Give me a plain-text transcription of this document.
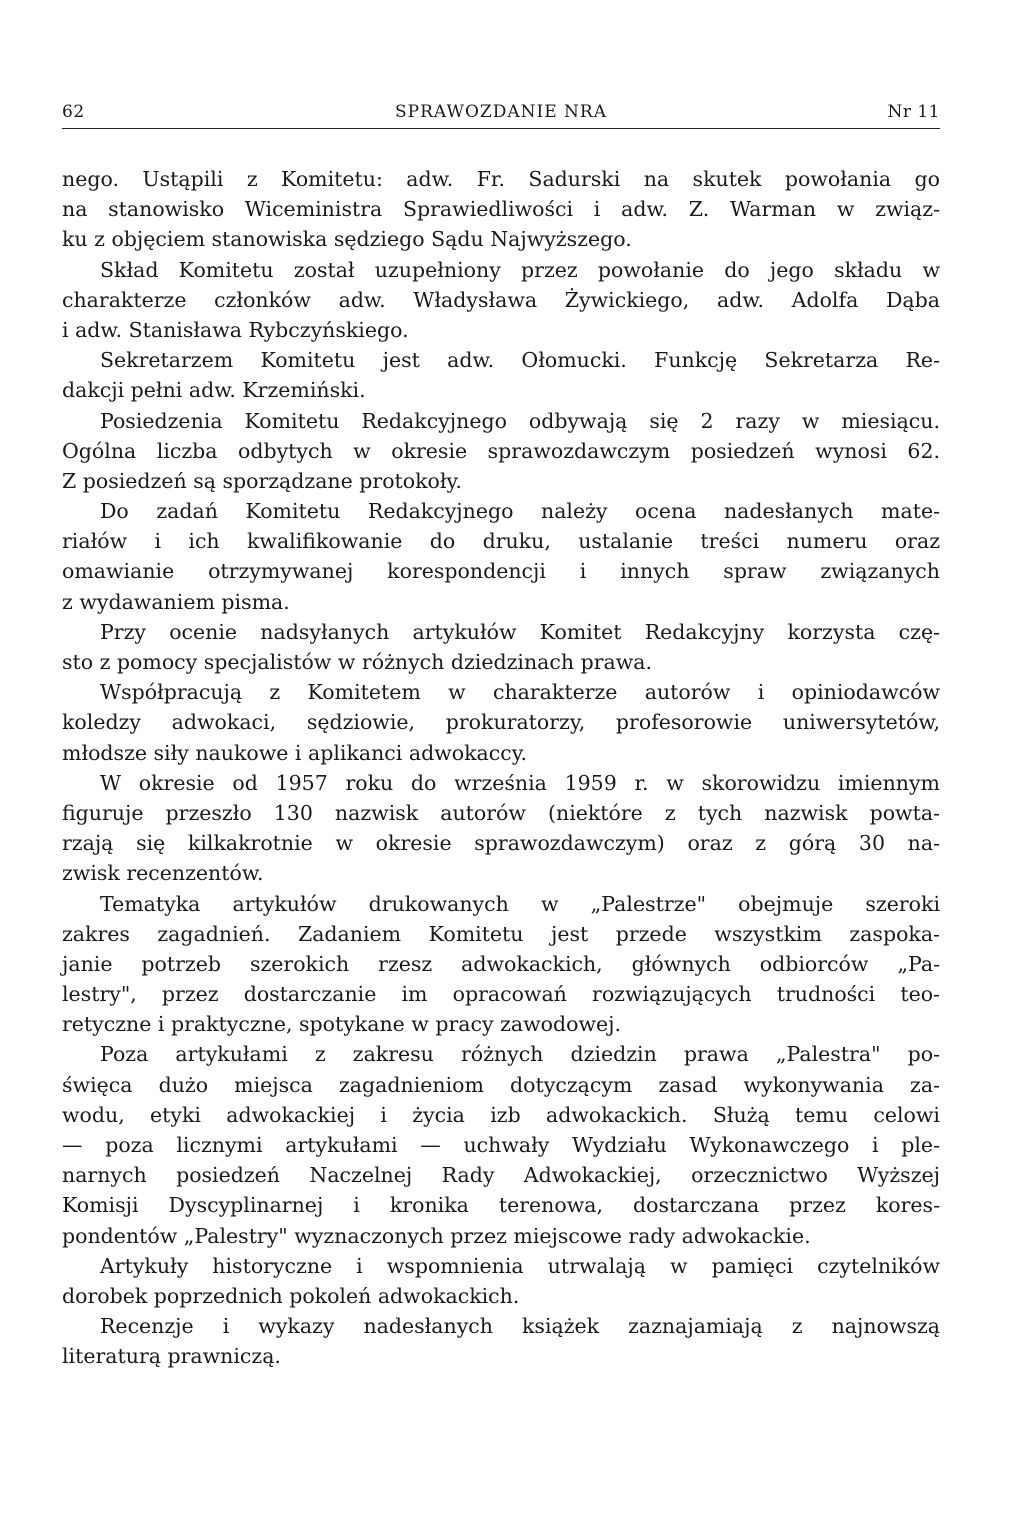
62	SPRAWOZDANIE NRA	Nr 11
nego. Ustąpili z Komitetu: adw. Fr. Sadurski na skutek powołania go
na stanowisko Wiceministra Sprawiedliwości i adw. Z. Warman w związ-
ku z objęciem stanowiska sędziego Sądu Najwyższego.
Skład Komitetu został uzupełniony przez powołanie do jego składu w
charakterze członków adw. Władysława Żywickiego, adw. Adolfa Dąba
i adw. Stanisława Rybczyńskiego.
Sekretarzem Komitetu jest adw. Ołomucki. Funkcję Sekretarza Re-
dakcji pełni adw. Krzemiński.
Posiedzenia Komitetu Redakcyjnego odbywają się 2 razy w miesiącu.
Ogólna liczba odbytych w okresie sprawozdawczym posiedzeń wynosi 62.
Z posiedzeń są sporządzane protokoły.
Do zadań Komitetu Redakcyjnego należy ocena nadesłanych mate-
riałów i ich kwalifikowanie do druku, ustalanie treści numeru oraz
omawianie otrzymywanej korespondencji i innych spraw związanych
z wydawaniem pisma.
Przy ocenie nadsyłanych artykułów Komitet Redakcyjny korzysta czę-
sto z pomocy specjalistów w różnych dziedzinach prawa.
Współpracują z Komitetem w charakterze autorów i opiniodawców
koledzy adwokaci, sędziowie, prokuratorzy, profesorowie uniwersytetów,
młodsze siły naukowe i aplikanci adwokaccy.
W okresie od 1957 roku do września 1959 r. w skorowidzu imiennym
figuruje przeszło 130 nazwisk autorów (niektóre z tych nazwisk powta-
rzają się kilkakrotnie w okresie sprawozdawczym) oraz z górą 30 na-
zwisk recenzentów.
Tematyka artykułów drukowanych w „Palestrze" obejmuje szeroki
zakres zagadnień. Zadaniem Komitetu jest przede wszystkim zaspoka-
janie potrzeb szerokich rzesz adwokackich, głównych odbiorców „Pa-
lestry", przez dostarczanie im opracowań rozwiązujących trudności teo-
retyczne i praktyczne, spotykane w pracy zawodowej.
Poza artykułami z zakresu różnych dziedzin prawa „Palestra" po-
święca dużo miejsca zagadnieniom dotyczącym zasad wykonywania za-
wodu, etyki adwokackiej i życia izb adwokackich. Służą temu celowi
— poza licznymi artykułami — uchwały Wydziału Wykonawczego i ple-
narnych posiedzeń Naczelnej Rady Adwokackiej, orzecznictwo Wyższej
Komisji Dyscyplinarnej i kronika terenowa, dostarczana przez kores-
pondentów „Palestry" wyznaczonych przez miejscowe rady adwokackie.
Artykuły historyczne i wspomnienia utrwalają w pamięci czytelników
dorobek poprzednich pokoleń adwokackich.
Recenzje i wykazy nadesłanych książek zaznajamiają z najnowszą
literaturą prawniczą.
